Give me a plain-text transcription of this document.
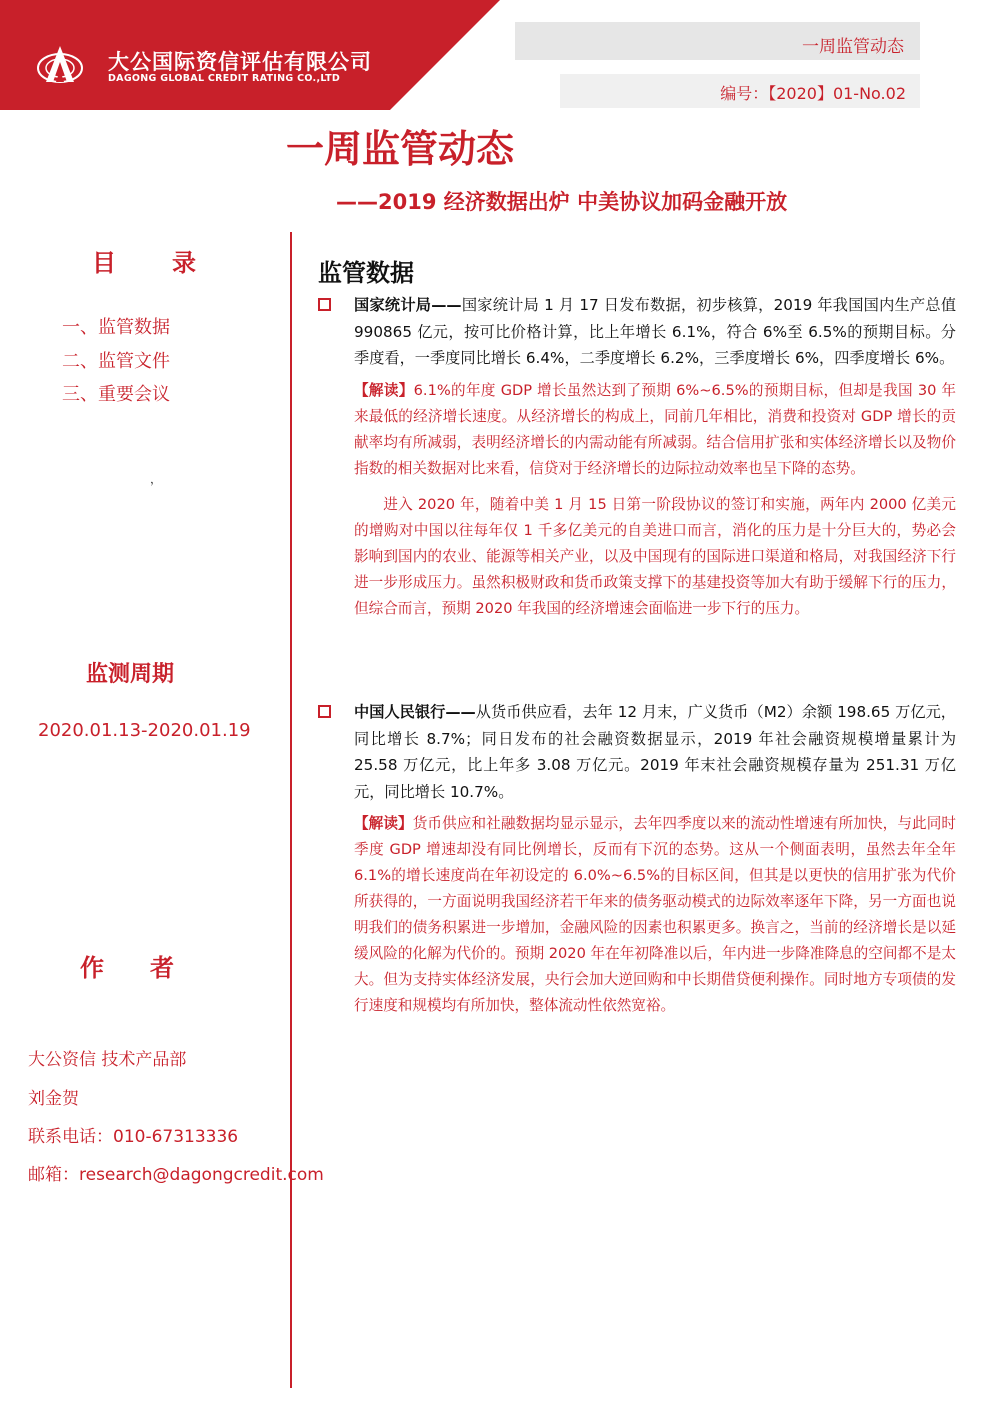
大公国际资信评估有限公司
DAGONG GLOBAL CREDIT RATING CO.,LTD
一周监管动态
编号：【2020】01-No.02
一周监管动态
——2019 经济数据出炉 中美协议加码金融开放
目录
一、监管数据
二、监管文件
三、重要会议
，
监测周期
2020.01.13-2020.01.19
作者
大公资信 技术产品部
刘金贺
联系电话：010-67313336
邮箱：research@dagongcredit.com
监管数据
国家统计局——国家统计局 1 月 17 日发布数据，初步核算，2019 年我国国内生产总值 990865 亿元，按可比价格计算，比上年增长 6.1%，符合 6%至 6.5%的预期目标。分季度看，一季度同比增长 6.4%，二季度增长 6.2%，三季度增长 6%，四季度增长 6%。
【解读】6.1%的年度 GDP 增长虽然达到了预期 6%~6.5%的预期目标，但却是我国 30 年来最低的经济增长速度。从经济增长的构成上，同前几年相比，消费和投资对 GDP 增长的贡献率均有所减弱，表明经济增长的内需动能有所减弱。结合信用扩张和实体经济增长以及物价指数的相关数据对比来看，信贷对于经济增长的边际拉动效率也呈下降的态势。
进入 2020 年，随着中美 1 月 15 日第一阶段协议的签订和实施，两年内 2000 亿美元的增购对中国以往每年仅 1 千多亿美元的自美进口而言，消化的压力是十分巨大的，势必会影响到国内的农业、能源等相关产业，以及中国现有的国际进口渠道和格局，对我国经济下行进一步形成压力。虽然积极财政和货币政策支撑下的基建投资等加大有助于缓解下行的压力，但综合而言，预期 2020 年我国的经济增速会面临进一步下行的压力。
中国人民银行——从货币供应看，去年 12 月末，广义货币（M2）余额 198.65 万亿元，同比增长 8.7%；同日发布的社会融资数据显示，2019 年社会融资规模增量累计为 25.58 万亿元，比上年多 3.08 万亿元。2019 年末社会融资规模存量为 251.31 万亿元，同比增长 10.7%。
【解读】货币供应和社融数据均显示显示，去年四季度以来的流动性增速有所加快，与此同时季度 GDP 增速却没有同比例增长，反而有下沉的态势。这从一个侧面表明，虽然去年全年 6.1%的增长速度尚在年初设定的 6.0%~6.5%的目标区间，但其是以更快的信用扩张为代价所获得的，一方面说明我国经济若干年来的债务驱动模式的边际效率逐年下降，另一方面也说明我们的债务积累进一步增加，金融风险的因素也积累更多。换言之，当前的经济增长是以延缓风险的化解为代价的。预期 2020 年在年初降准以后，年内进一步降准降息的空间都不是太大。但为支持实体经济发展，央行会加大逆回购和中长期借贷便利操作。同时地方专项债的发行速度和规模均有所加快，整体流动性依然宽裕。
